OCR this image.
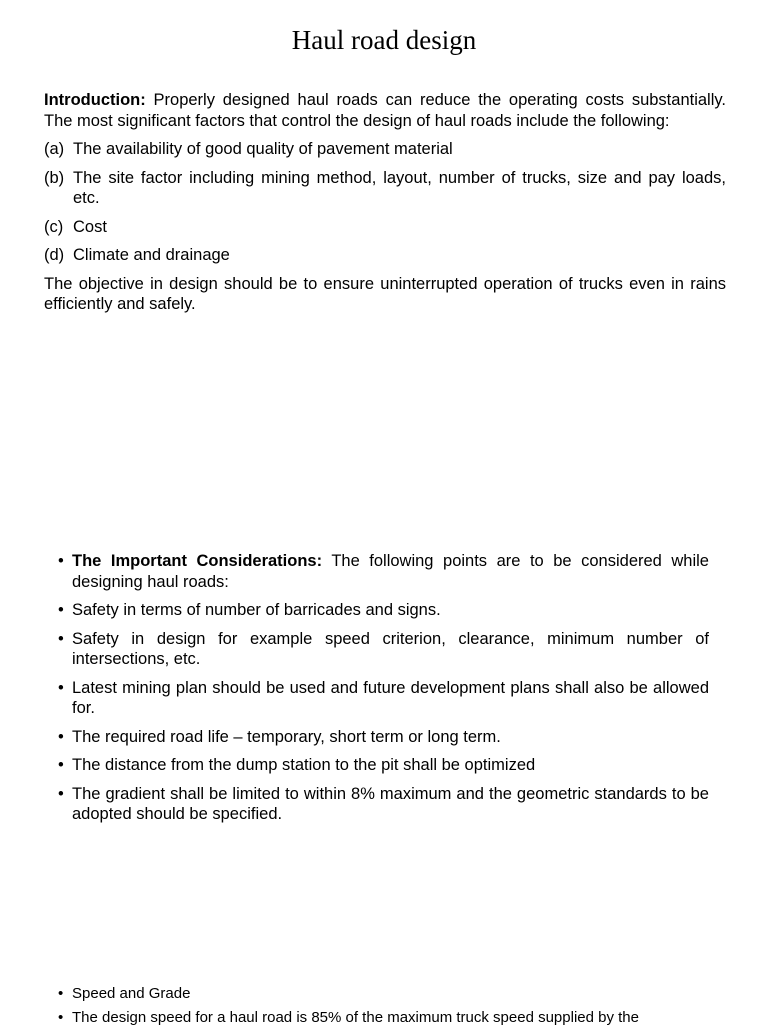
Haul road design

Introduction: Properly designed haul roads can reduce the operating costs substantially. The most significant factors that control the design of haul roads include the following:

(a) The availability of good quality of pavement material
(b) The site factor including mining method, layout, number of trucks, size and pay loads, etc.
(c) Cost
(d) Climate and drainage

The objective in design should be to ensure uninterrupted operation of trucks even in rains efficiently and safely.

• The Important Considerations: The following points are to be considered while designing haul roads:
• Safety in terms of number of barricades and signs.
• Safety in design for example speed criterion, clearance, minimum number of intersections, etc.
• Latest mining plan should be used and future development plans shall also be allowed for.
• The required road life – temporary, short term or long term.
• The distance from the dump station to the pit shall be optimized
• The gradient shall be limited to within 8% maximum and the geometric standards to be adopted should be specified.
• Speed and Grade
• The design speed for a haul road is 85% of the maximum truck speed supplied by the
